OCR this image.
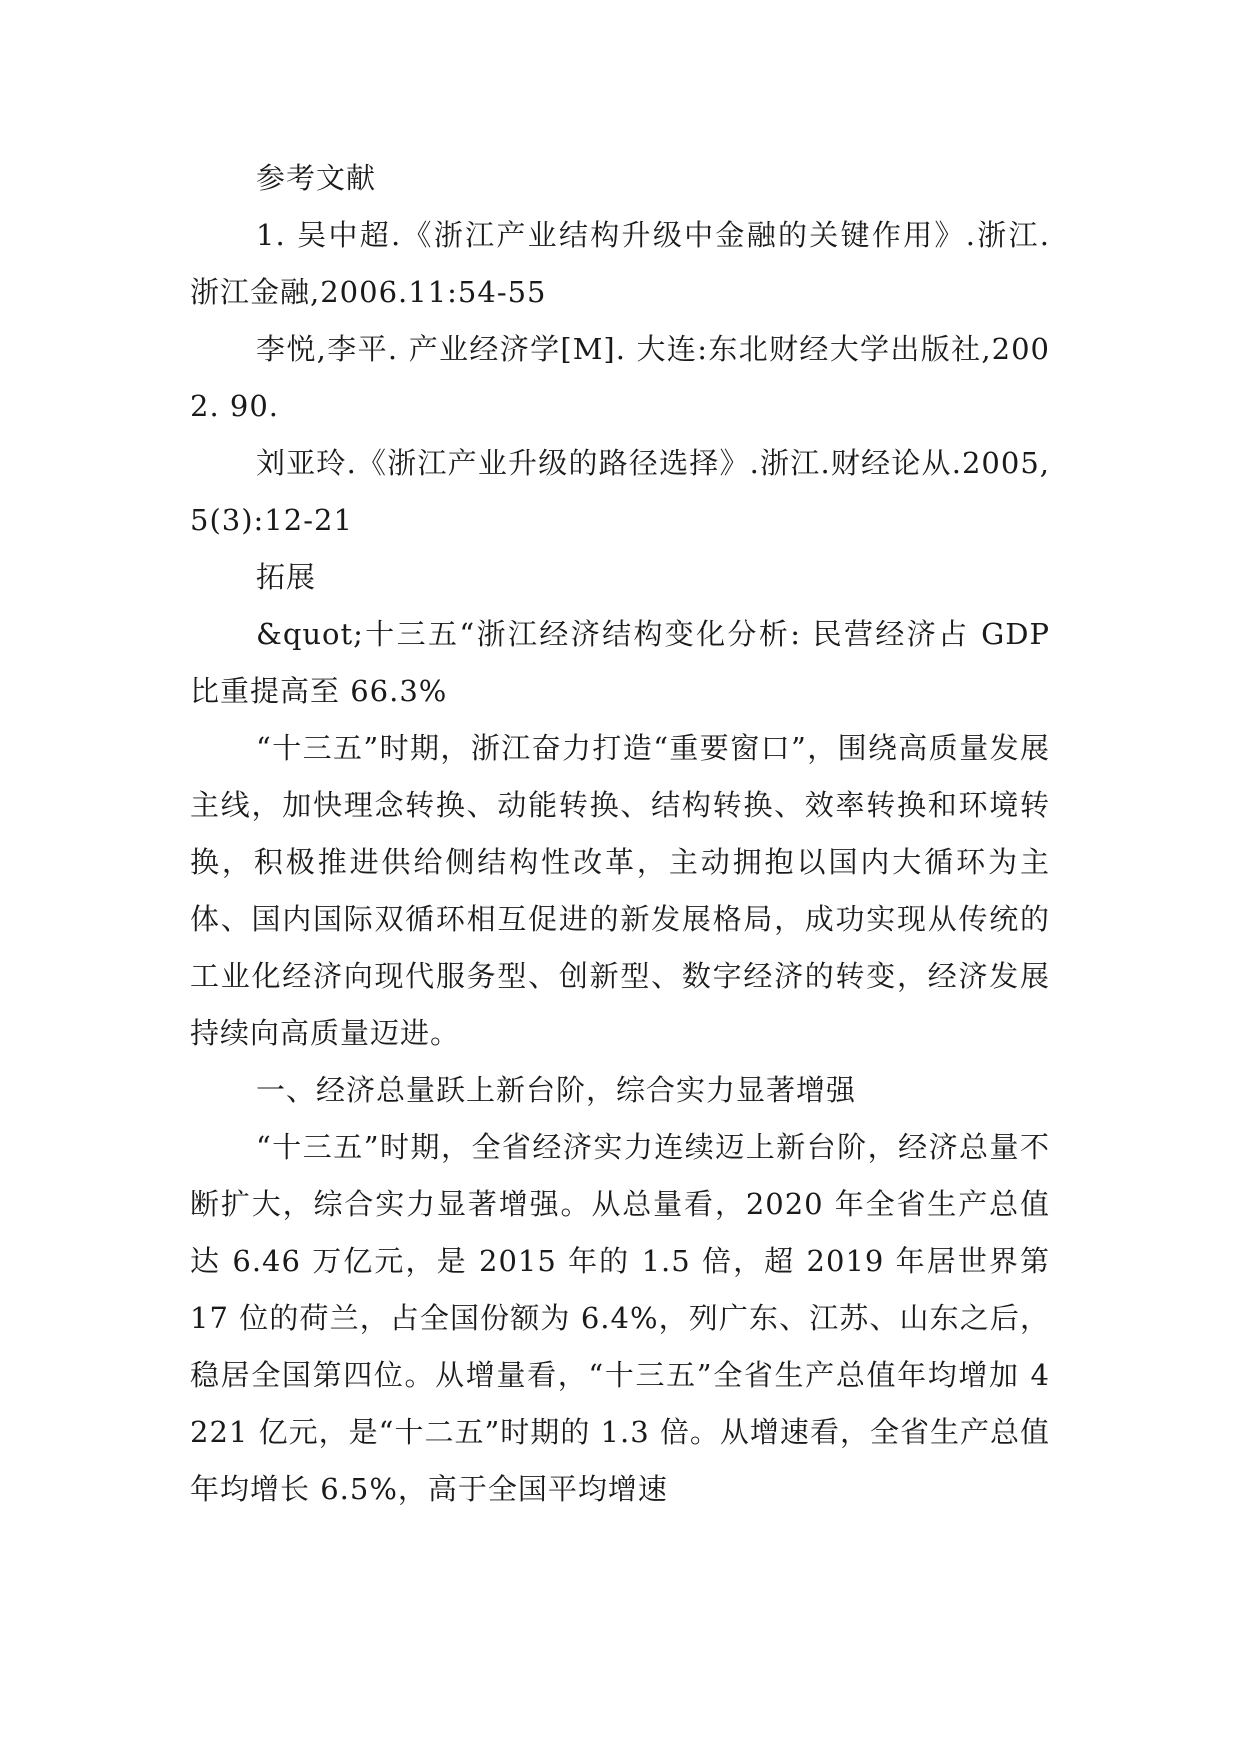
参考文献

1. 吴中超.《浙江产业结构升级中金融的关键作用》.浙江. 浙江金融,2006.11:54-55

李悦,李平. 产业经济学[M]. 大连:东北财经大学出版社,2002. 90.

刘亚玲.《浙江产业升级的路径选择》.浙江.财经论从.2005,5(3):12-21

拓展

&quot;十三五“浙江经济结构变化分析: 民营经济占 GDP 比重提高至 66.3%

“十三五”时期，浙江奋力打造“重要窗口”，围绕高质量发展主线，加快理念转换、动能转换、结构转换、效率转换和环境转换，积极推进供给侧结构性改革，主动拥抱以国内大循环为主体、国内国际双循环相互促进的新发展格局，成功实现从传统的工业化经济向现代服务型、创新型、数字经济的转变，经济发展持续向高质量迈进。

一、经济总量跃上新台阶，综合实力显著增强

“十三五”时期，全省经济实力连续迈上新台阶，经济总量不断扩大，综合实力显著增强。从总量看，2020 年全省生产总值达 6.46 万亿元，是 2015 年的 1.5 倍，超 2019 年居世界第 17 位的荷兰，占全国份额为 6.4%，列广东、江苏、山东之后，稳居全国第四位。从增量看，“十三五”全省生产总值年均增加 4221 亿元，是“十二五”时期的 1.3 倍。从增速看，全省生产总值年均增长 6.5%，高于全国平均增速
